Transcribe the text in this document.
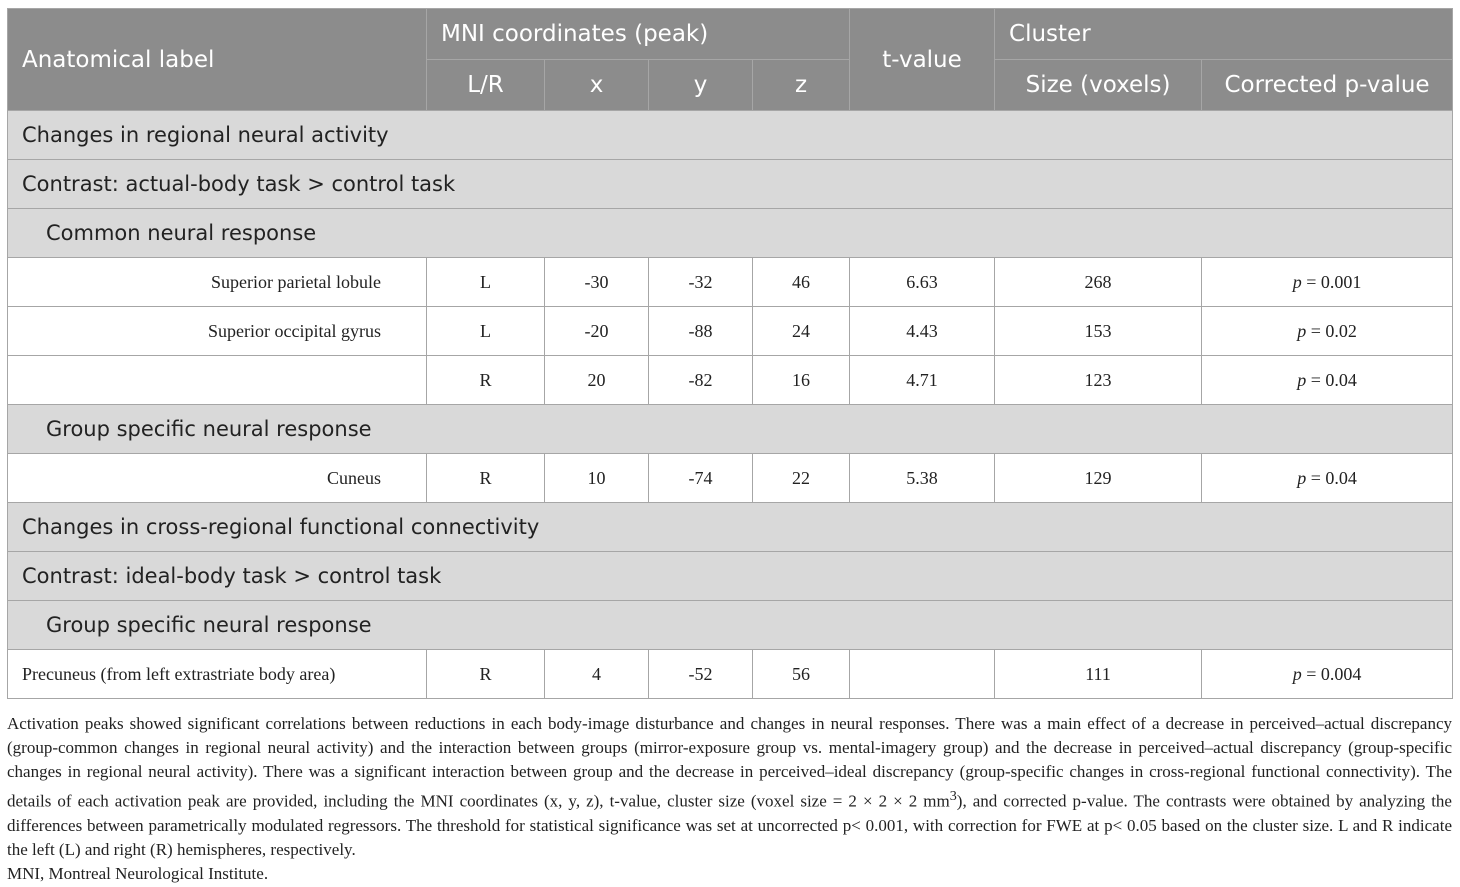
Anatomical label	MNI coordinates (peak)				t-value	Cluster	
	L/R	x	y	z		Size (voxels)	Corrected p-value
Changes in regional neural activity							
Contrast: actual-body task > control task							
Common neural response							
Superior parietal lobule	L	-30	-32	46	6.63	268	p = 0.001
Superior occipital gyrus	L	-20	-88	24	4.43	153	p = 0.02
	R	20	-82	16	4.71	123	p = 0.04
Group specific neural response							
Cuneus	R	10	-74	22	5.38	129	p = 0.04
Changes in cross-regional functional connectivity							
Contrast: ideal-body task > control task							
Group specific neural response							
Precuneus (from left extrastriate body area)	R	4	-52	56		111	p = 0.004

Activation peaks showed significant correlations between reductions in each body-image disturbance and changes in neural responses. There was a main effect of a decrease in perceived–actual discrepancy (group-common changes in regional neural activity) and the interaction between groups (mirror-exposure group vs. mental-imagery group) and the decrease in perceived–actual discrepancy (group-specific changes in regional neural activity). There was a significant interaction between group and the decrease in perceived–ideal discrepancy (group-specific changes in cross-regional functional connectivity). The details of each activation peak are provided, including the MNI coordinates (x, y, z), t-value, cluster size (voxel size = 2 × 2 × 2 $mm^3$), and corrected p-value. The contrasts were obtained by analyzing the differences between parametrically modulated regressors. The threshold for statistical significance was set at uncorrected p< 0.001, with correction for FWE at p< 0.05 based on the cluster size. L and R indicate the left (L) and right (R) hemispheres, respectively.

MNI, Montreal Neurological Institute.
